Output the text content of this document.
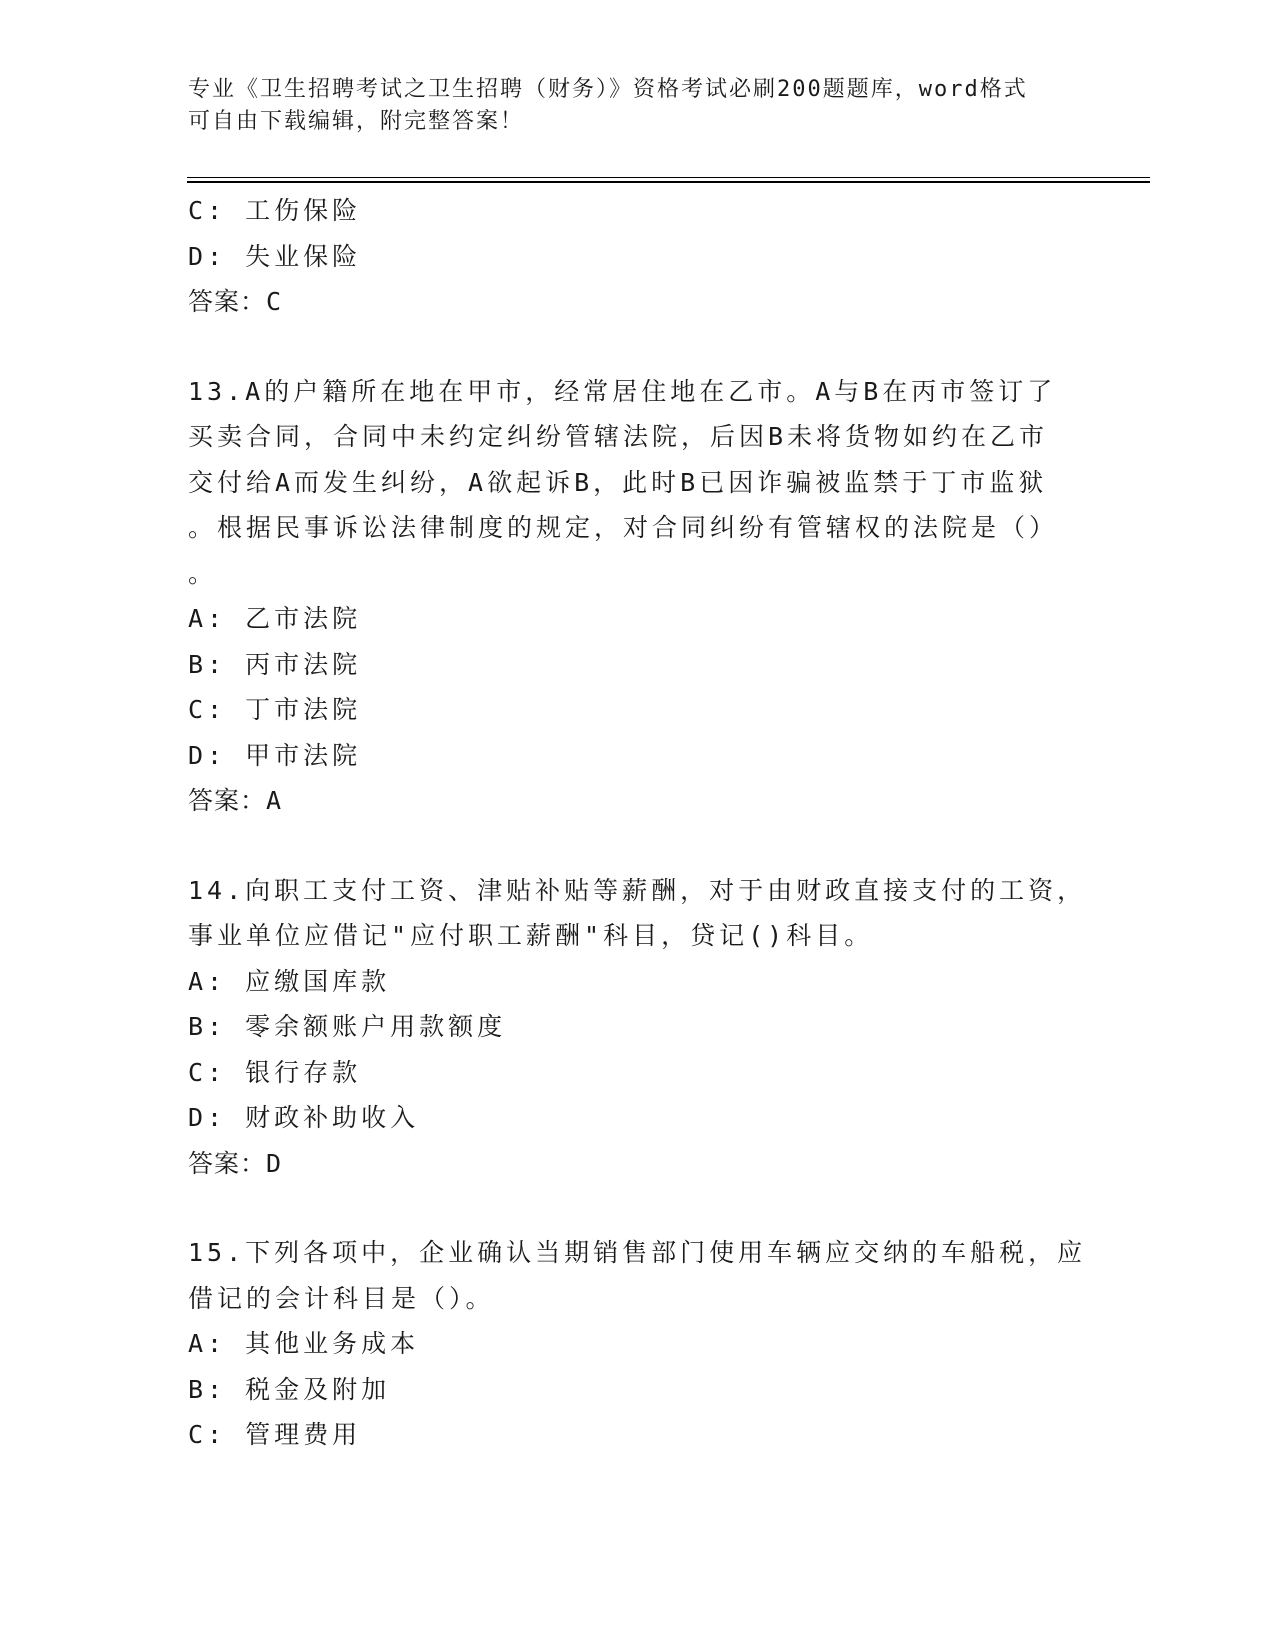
专业《卫生招聘考试之卫生招聘（财务）》资格考试必刷200题题库，word格式
可自由下载编辑，附完整答案！
C: 工伤保险
D: 失业保险
答案：C
13.A的户籍所在地在甲市，经常居住地在乙市。A与B在丙市签订了
买卖合同，合同中未约定纠纷管辖法院，后因B未将货物如约在乙市
交付给A而发生纠纷，A欲起诉B，此时B已因诈骗被监禁于丁市监狱
。根据民事诉讼法律制度的规定，对合同纠纷有管辖权的法院是（）
。
A: 乙市法院
B: 丙市法院
C: 丁市法院
D: 甲市法院
答案：A
14.向职工支付工资、津贴补贴等薪酬，对于由财政直接支付的工资，
事业单位应借记"应付职工薪酬"科目，贷记()科目。
A: 应缴国库款
B: 零余额账户用款额度
C: 银行存款
D: 财政补助收入
答案：D
15.下列各项中，企业确认当期销售部门使用车辆应交纳的车船税，应
借记的会计科目是（）。
A: 其他业务成本
B: 税金及附加
C: 管理费用
